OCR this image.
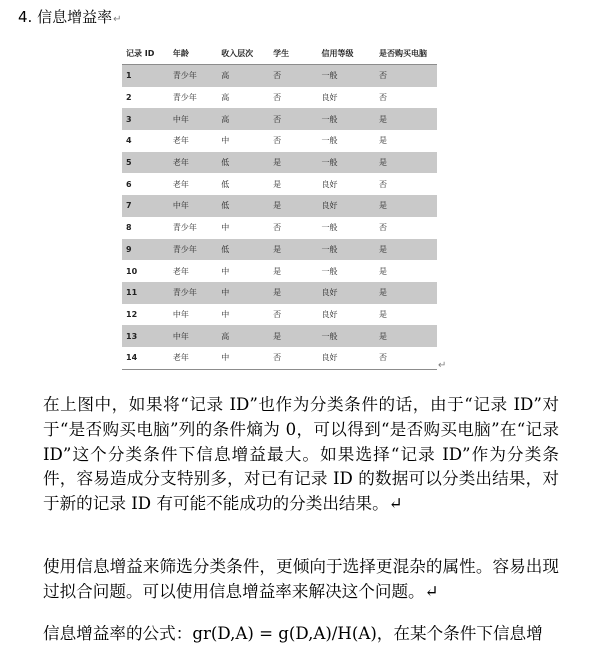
4. 信息增益率↵
记录 ID	年龄	收入层次	学生	信用等级	是否购买电脑
1	青少年	高	否	一般	否
2	青少年	高	否	良好	否
3	中年	高	否	一般	是
4	老年	中	否	一般	是
5	老年	低	是	一般	是
6	老年	低	是	良好	否
7	中年	低	是	良好	是
8	青少年	中	否	一般	否
9	青少年	低	是	一般	是
10	老年	中	是	一般	是
11	青少年	中	是	良好	是
12	中年	中	否	良好	是
13	中年	高	是	一般	是
14	老年	中	否	良好	否
↵

在上图中，如果将“记录 ID”也作为分类条件的话，由于“记录 ID”对于“是否购买电脑”列的条件熵为 0，可以得到“是否购买电脑”在“记录 ID”这个分类条件下信息增益最大。如果选择“记录 ID”作为分类条件，容易造成分支特别多，对已有记录 ID 的数据可以分类出结果，对于新的记录 ID 有可能不能成功的分类出结果。↵

使用信息增益来筛选分类条件，更倾向于选择更混杂的属性。容易出现过拟合问题。可以使用信息增益率来解决这个问题。↵

信息增益率的公式：gr(D,A) = g(D,A)/H(A)，在某个条件下信息增
